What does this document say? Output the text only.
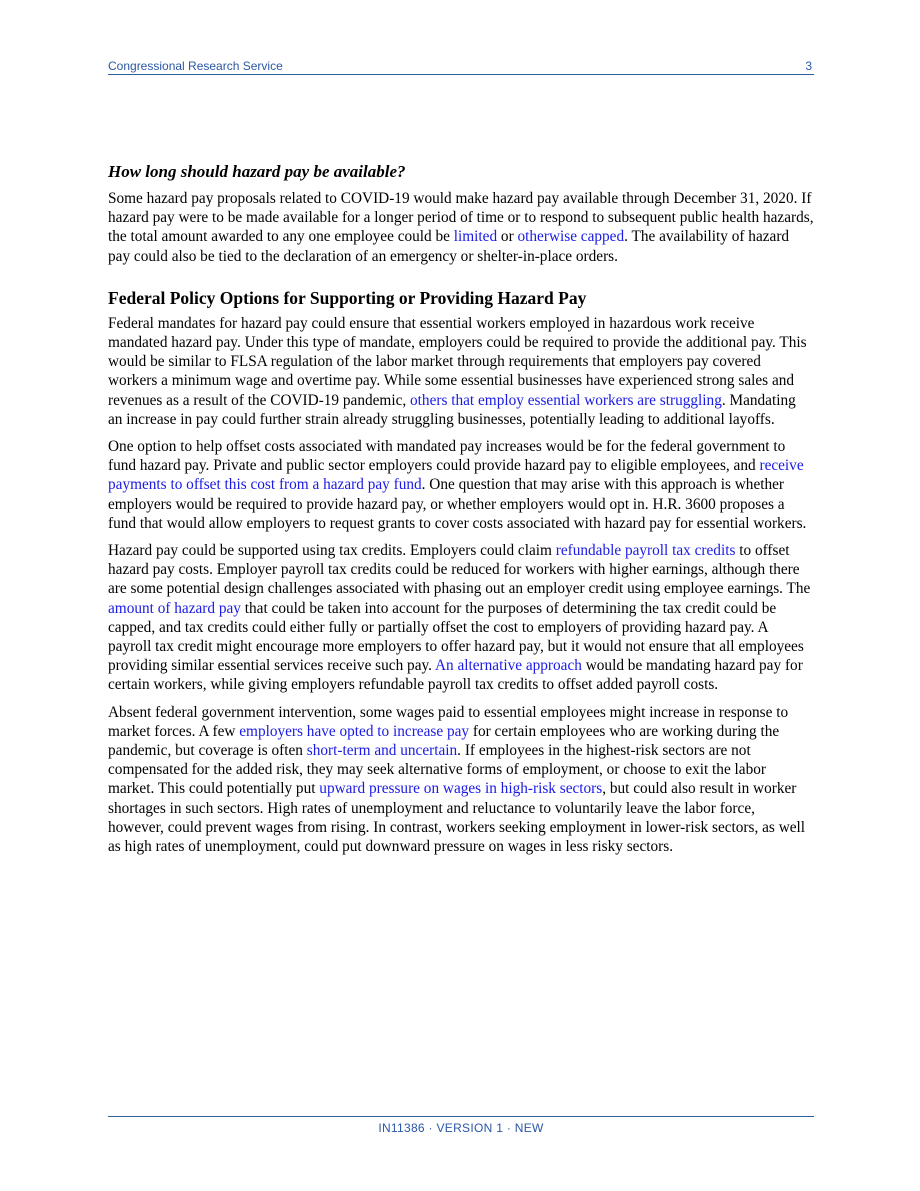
Congressional Research Service	3
How long should hazard pay be available?

Some hazard pay proposals related to COVID-19 would make hazard pay available through December 31, 2020. If hazard pay were to be made available for a longer period of time or to respond to subsequent public health hazards, the total amount awarded to any one employee could be limited or otherwise capped. The availability of hazard pay could also be tied to the declaration of an emergency or shelter-in-place orders.

Federal Policy Options for Supporting or Providing Hazard Pay

Federal mandates for hazard pay could ensure that essential workers employed in hazardous work receive mandated hazard pay. Under this type of mandate, employers could be required to provide the additional pay. This would be similar to FLSA regulation of the labor market through requirements that employers pay covered workers a minimum wage and overtime pay. While some essential businesses have experienced strong sales and revenues as a result of the COVID-19 pandemic, others that employ essential workers are struggling. Mandating an increase in pay could further strain already struggling businesses, potentially leading to additional layoffs.

One option to help offset costs associated with mandated pay increases would be for the federal government to fund hazard pay. Private and public sector employers could provide hazard pay to eligible employees, and receive payments to offset this cost from a hazard pay fund. One question that may arise with this approach is whether employers would be required to provide hazard pay, or whether employers would opt in. H.R. 3600 proposes a fund that would allow employers to request grants to cover costs associated with hazard pay for essential workers.

Hazard pay could be supported using tax credits. Employers could claim refundable payroll tax credits to offset hazard pay costs. Employer payroll tax credits could be reduced for workers with higher earnings, although there are some potential design challenges associated with phasing out an employer credit using employee earnings. The amount of hazard pay that could be taken into account for the purposes of determining the tax credit could be capped, and tax credits could either fully or partially offset the cost to employers of providing hazard pay. A payroll tax credit might encourage more employers to offer hazard pay, but it would not ensure that all employees providing similar essential services receive such pay. An alternative approach would be mandating hazard pay for certain workers, while giving employers refundable payroll tax credits to offset added payroll costs.

Absent federal government intervention, some wages paid to essential employees might increase in response to market forces. A few employers have opted to increase pay for certain employees who are working during the pandemic, but coverage is often short-term and uncertain. If employees in the highest-risk sectors are not compensated for the added risk, they may seek alternative forms of employment, or choose to exit the labor market. This could potentially put upward pressure on wages in high-risk sectors, but could also result in worker shortages in such sectors. High rates of unemployment and reluctance to voluntarily leave the labor force, however, could prevent wages from rising. In contrast, workers seeking employment in lower-risk sectors, as well as high rates of unemployment, could put downward pressure on wages in less risky sectors.

IN11386 · VERSION 1 · NEW
